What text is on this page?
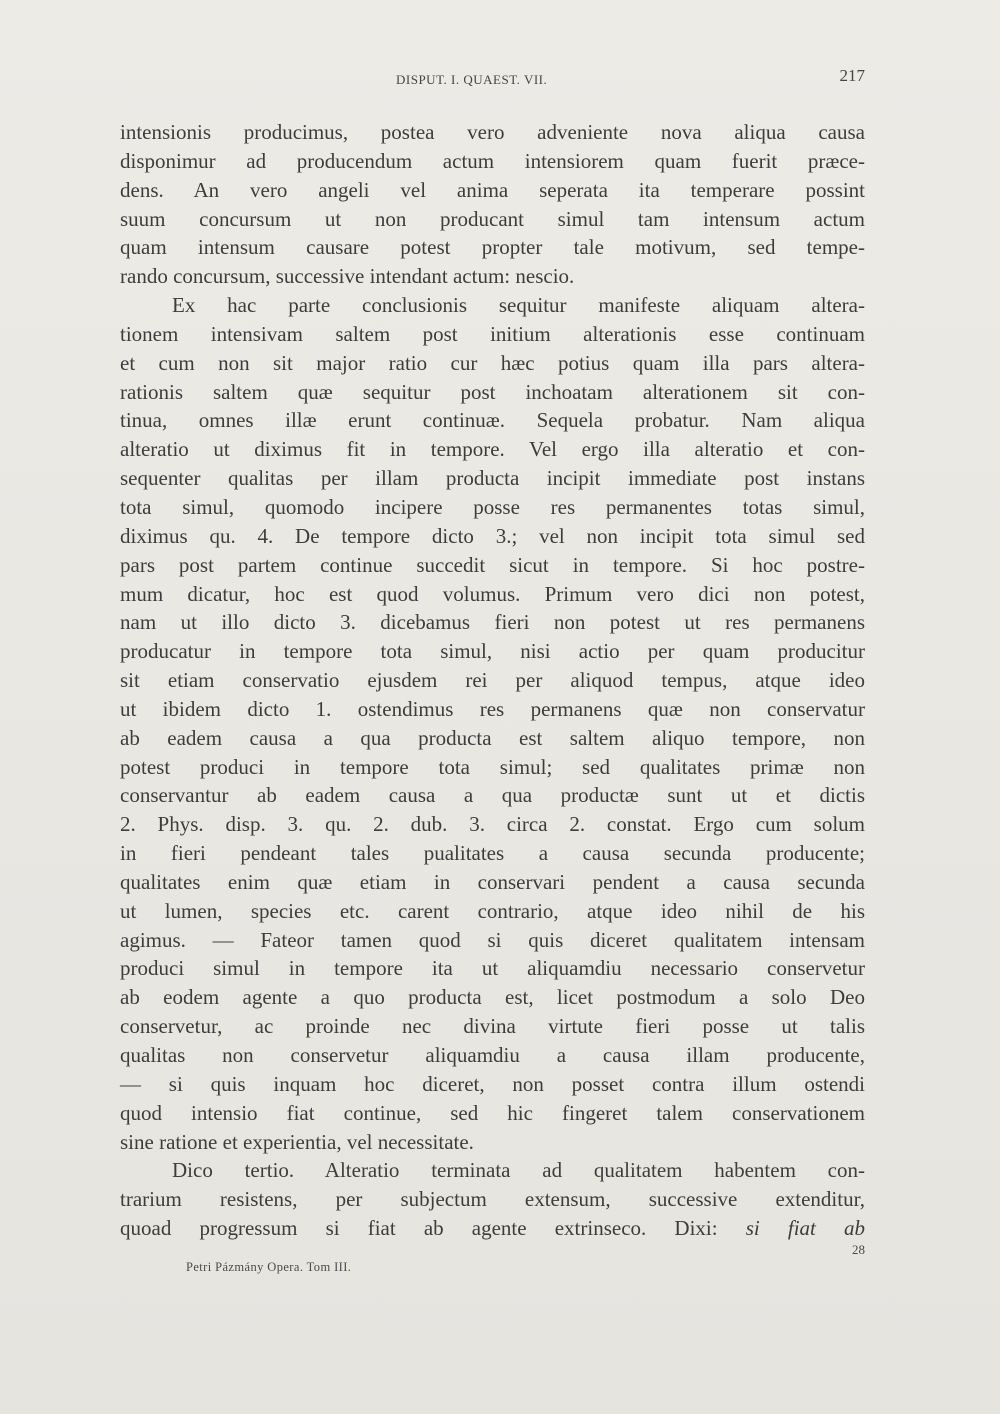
DISPUT. I. QUAEST. VII.	217
intensionis producimus, postea vero adveniente nova aliqua causa
disponimur ad producendum actum intensiorem quam fuerit præce-
dens. An vero angeli vel anima seperata ita temperare possint
suum concursum ut non producant simul tam intensum actum
quam intensum causare potest propter tale motivum, sed tempe-
rando concursum, successive intendant actum: nescio.
Ex hac parte conclusionis sequitur manifeste aliquam altera-
tionem intensivam saltem post initium alterationis esse continuam
et cum non sit major ratio cur hæc potius quam illa pars altera-
rationis saltem quæ sequitur post inchoatam alterationem sit con-
tinua, omnes illæ erunt continuæ. Sequela probatur. Nam aliqua
alteratio ut diximus fit in tempore. Vel ergo illa alteratio et con-
sequenter qualitas per illam producta incipit immediate post instans
tota simul, quomodo incipere posse res permanentes totas simul,
diximus qu. 4. De tempore dicto 3.; vel non incipit tota simul sed
pars post partem continue succedit sicut in tempore. Si hoc postre-
mum dicatur, hoc est quod volumus. Primum vero dici non potest,
nam ut illo dicto 3. dicebamus fieri non potest ut res permanens
producatur in tempore tota simul, nisi actio per quam producitur
sit etiam conservatio ejusdem rei per aliquod tempus, atque ideo
ut ibidem dicto 1. ostendimus res permanens quæ non conservatur
ab eadem causa a qua producta est saltem aliquo tempore, non
potest produci in tempore tota simul; sed qualitates primæ non
conservantur ab eadem causa a qua productæ sunt ut et dictis
2. Phys. disp. 3. qu. 2. dub. 3. circa 2. constat. Ergo cum solum
in fieri pendeant tales pualitates a causa secunda producente;
qualitates enim quæ etiam in conservari pendent a causa secunda
ut lumen, species etc. carent contrario, atque ideo nihil de his
agimus. — Fateor tamen quod si quis diceret qualitatem intensam
produci simul in tempore ita ut aliquamdiu necessario conservetur
ab eodem agente a quo producta est, licet postmodum a solo Deo
conservetur, ac proinde nec divina virtute fieri posse ut talis
qualitas non conservetur aliquamdiu a causa illam producente,
— si quis inquam hoc diceret, non posset contra illum ostendi
quod intensio fiat continue, sed hic fingeret talem conservationem
sine ratione et experientia, vel necessitate.
Dico tertio. Alteratio terminata ad qualitatem habentem con-
trarium resistens, per subjectum extensum, successive extenditur,
quoad progressum si fiat ab agente extrinseco. Dixi: si fiat ab
28
Petri Pázmány Opera. Tom III.
